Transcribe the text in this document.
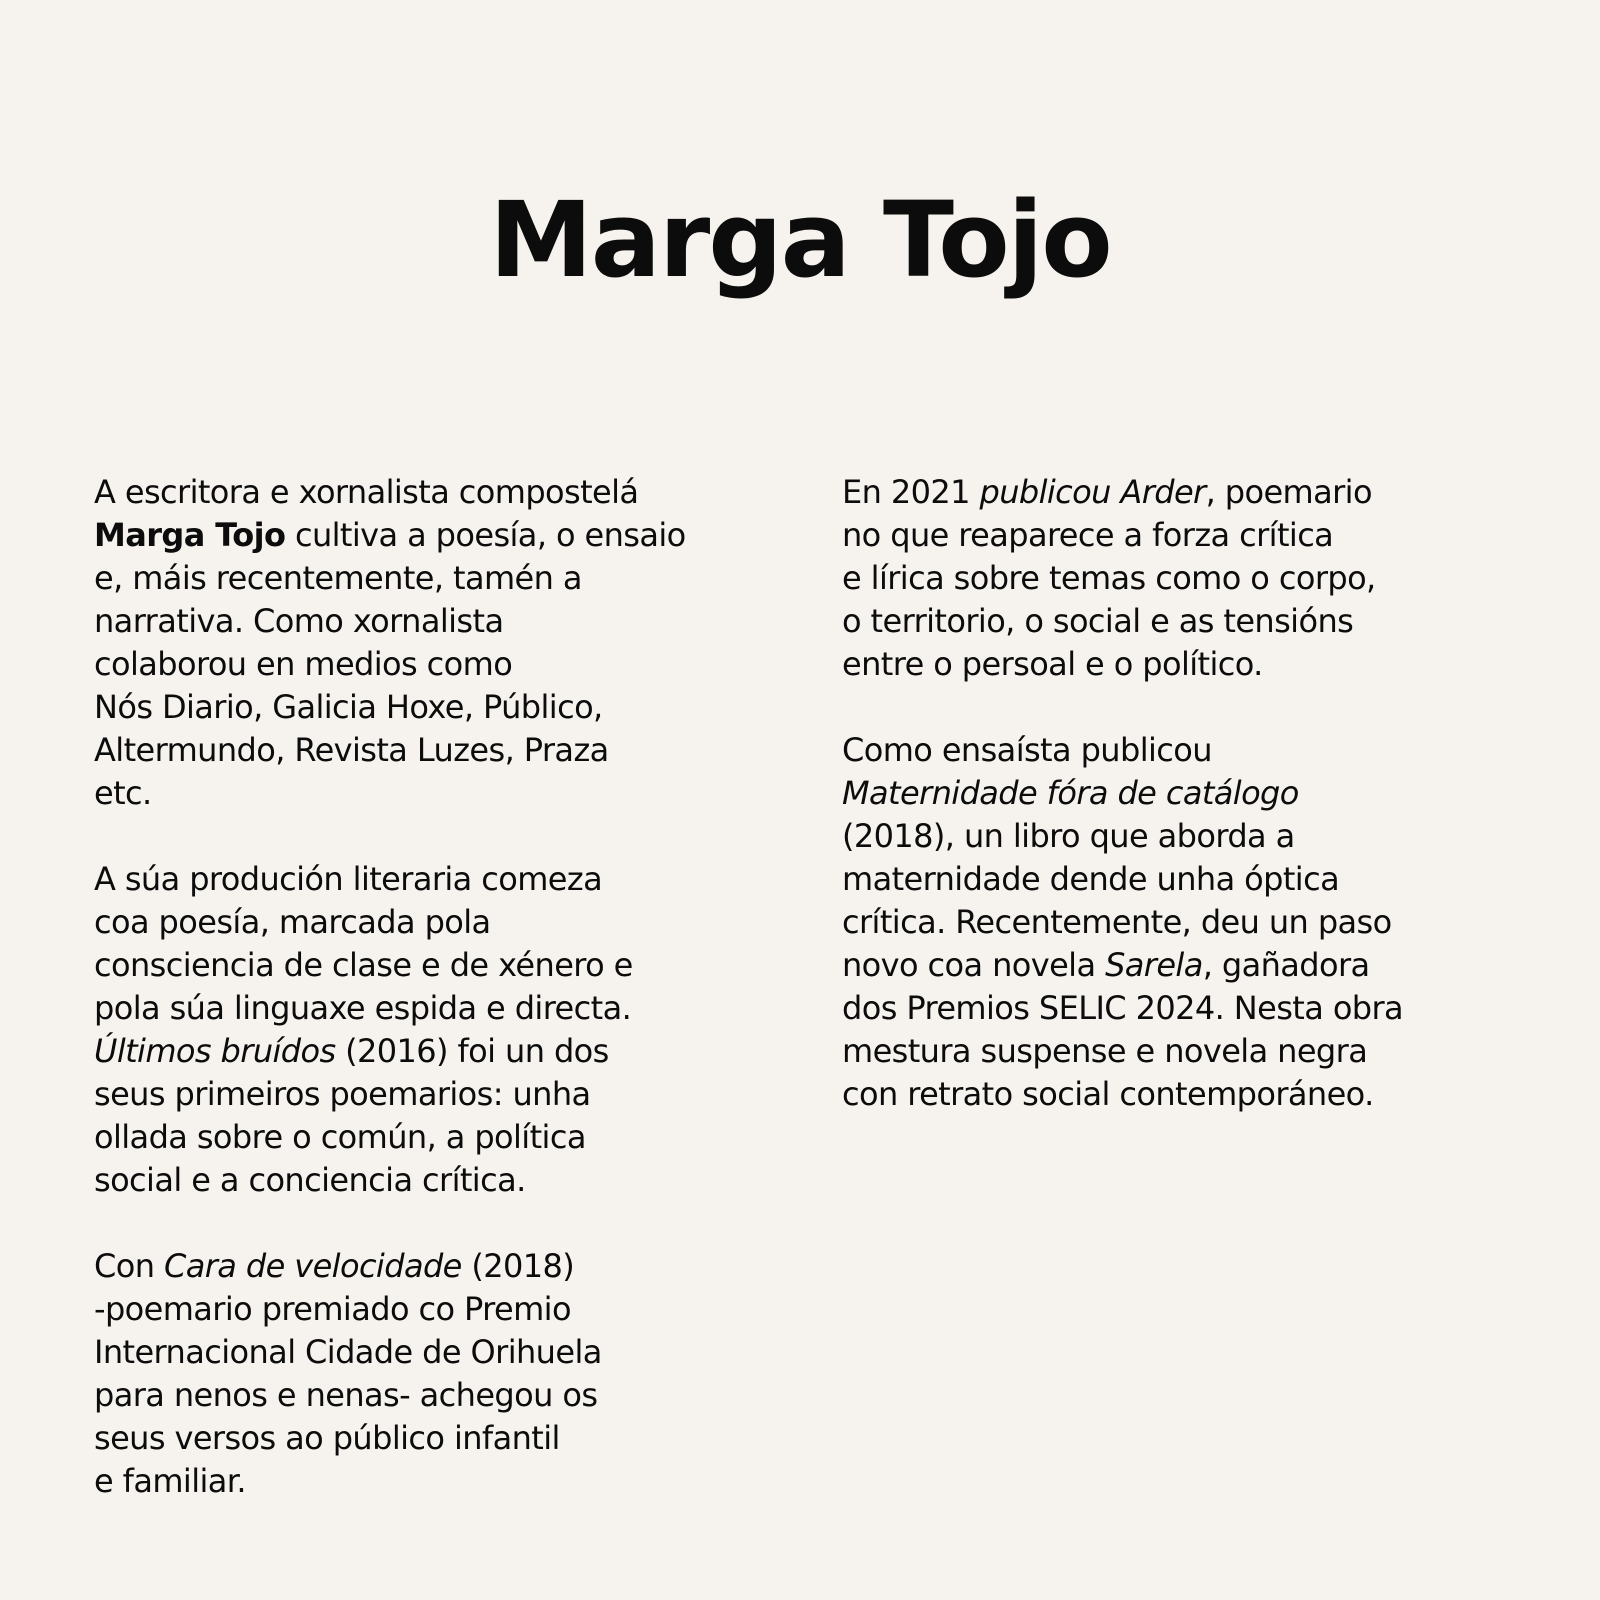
Marga Tojo

A escritora e xornalista compostelá
Marga Tojo cultiva a poesía, o ensaio
e, máis recentemente, tamén a
narrativa. Como xornalista
colaborou en medios como
Nós Diario, Galicia Hoxe, Público,
Altermundo, Revista Luzes, Praza
etc.

A súa produción literaria comeza
coa poesía, marcada pola
consciencia de clase e de xénero e
pola súa linguaxe espida e directa.
Últimos bruídos (2016) foi un dos
seus primeiros poemarios: unha
ollada sobre o común, a política
social e a conciencia crítica.

Con Cara de velocidade (2018)
-poemario premiado co Premio
Internacional Cidade de Orihuela
para nenos e nenas- achegou os
seus versos ao público infantil
e familiar.

En 2021 publicou Arder, poemario
no que reaparece a forza crítica
e lírica sobre temas como o corpo,
o territorio, o social e as tensións
entre o persoal e o político.

Como ensaísta publicou
Maternidade fóra de catálogo
(2018), un libro que aborda a
maternidade dende unha óptica
crítica. Recentemente, deu un paso
novo coa novela Sarela, gañadora
dos Premios SELIC 2024. Nesta obra
mestura suspense e novela negra
con retrato social contemporáneo.
